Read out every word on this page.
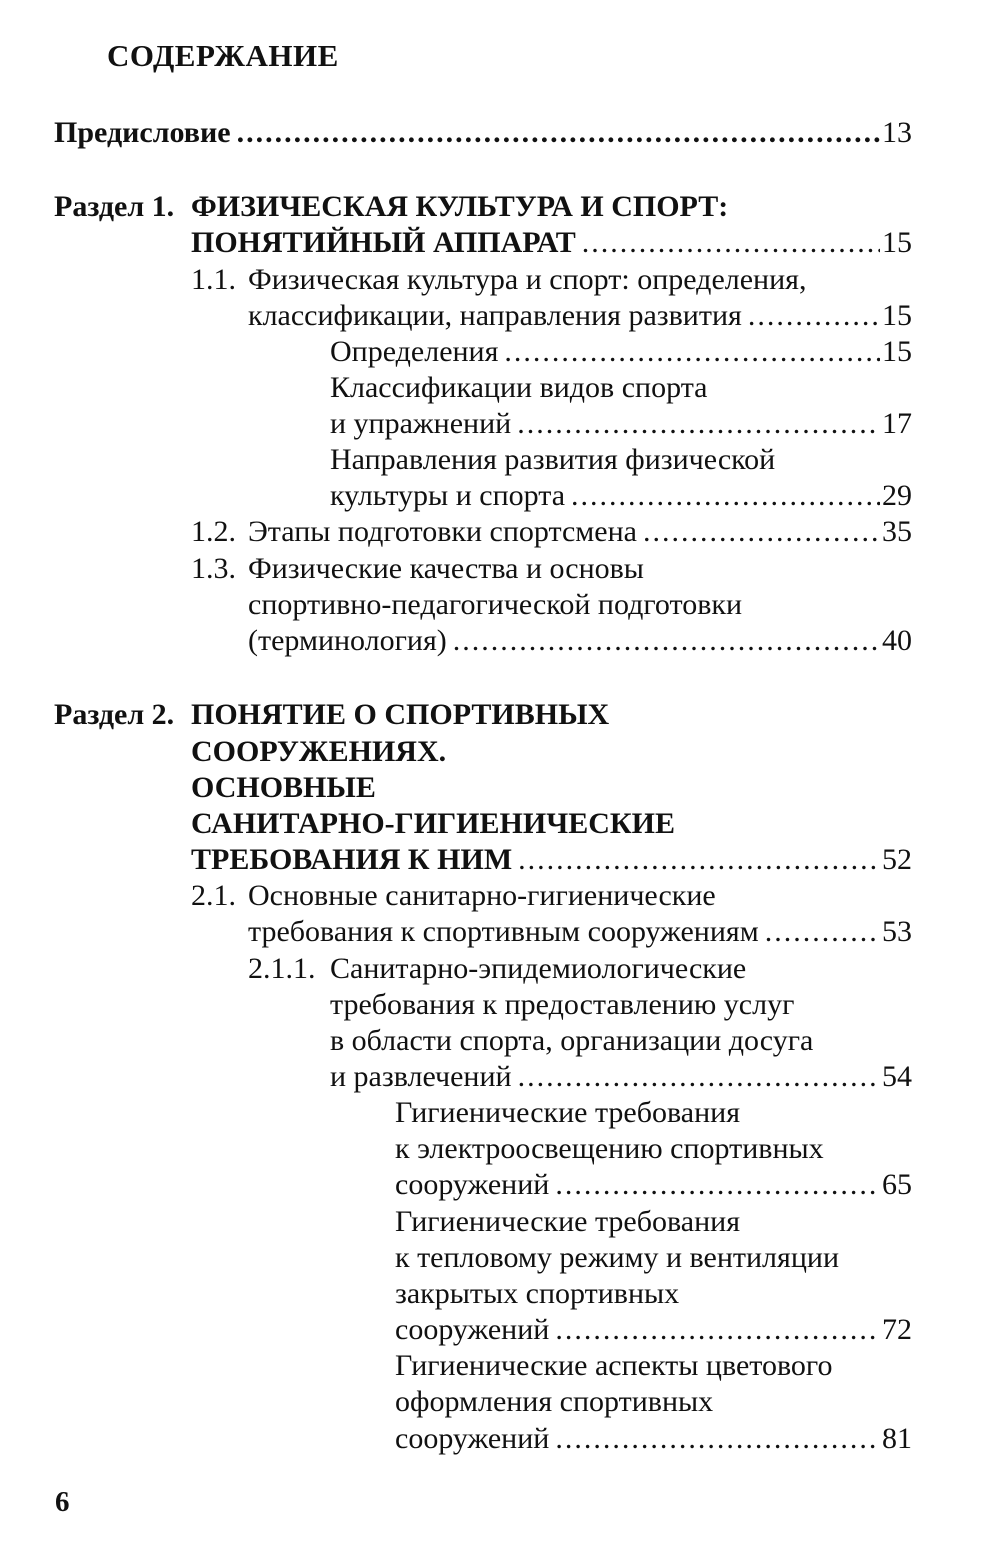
СОДЕРЖАНИЕ
Предисловие .....	13
Раздел 1. ФИЗИЧЕСКАЯ КУЛЬТУРА И СПОРТ:
ПОНЯТИЙНЫЙ АППАРАТ .....	15
1.1. Физическая культура и спорт: определения,
классификации, направления развития .....	15
Определения .....	15
Классификации видов спорта
и упражнений .....	17
Направления развития физической
культуры и спорта .....	29
1.2. Этапы подготовки спортсмена .....	35
1.3. Физические качества и основы
спортивно-педагогической подготовки
(терминология) .....	40
Раздел 2. ПОНЯТИЕ О СПОРТИВНЫХ
СООРУЖЕНИЯХ.
ОСНОВНЫЕ
САНИТАРНО-ГИГИЕНИЧЕСКИЕ
ТРЕБОВАНИЯ К НИМ .....	52
2.1. Основные санитарно-гигиенические
требования к спортивным сооружениям .....	53
2.1.1. Санитарно-эпидемиологические
требования к предоставлению услуг
в области спорта, организации досуга
и развлечений .....	54
Гигиенические требования
к электроосвещению спортивных
сооружений .....	65
Гигиенические требования
к тепловому режиму и вентиляции
закрытых спортивных
сооружений .....	72
Гигиенические аспекты цветового
оформления спортивных
сооружений .....	81
6
